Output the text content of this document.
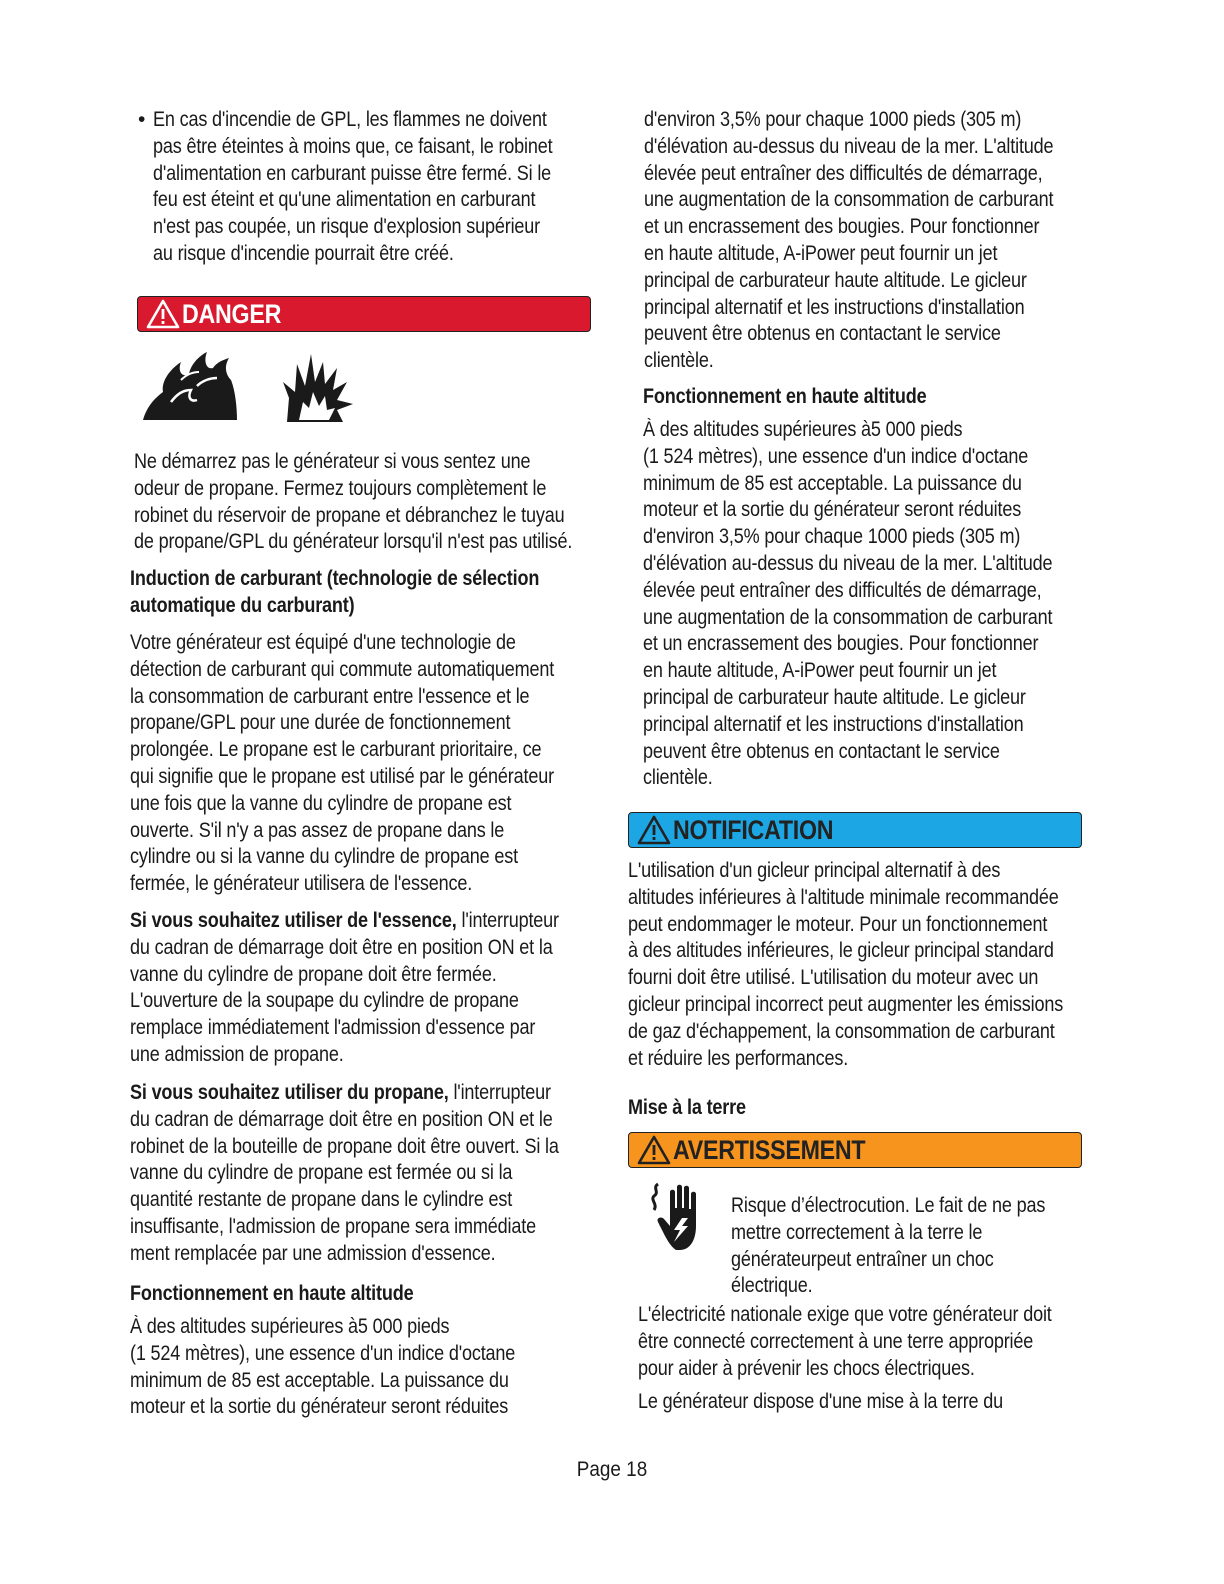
• En cas d'incendie de GPL, les flammes ne doivent
pas être éteintes à moins que, ce faisant, le robinet
d'alimentation en carburant puisse être fermé. Si le
feu est éteint et qu'une alimentation en carburant
n'est pas coupée, un risque d'explosion supérieur
au risque d'incendie pourrait être créé.
DANGER
Ne démarrez pas le générateur si vous sentez une
odeur de propane. Fermez toujours complètement le
robinet du réservoir de propane et débranchez le tuyau
de propane/GPL du générateur lorsqu'il n'est pas utilisé.
Induction de carburant (technologie de sélection
automatique du carburant)
Votre générateur est équipé d'une technologie de
détection de carburant qui commute automatiquement
la consommation de carburant entre l'essence et le
propane/GPL pour une durée de fonctionnement
prolongée. Le propane est le carburant prioritaire, ce
qui signifie que le propane est utilisé par le générateur
une fois que la vanne du cylindre de propane est
ouverte. S'il n'y a pas assez de propane dans le
cylindre ou si la vanne du cylindre de propane est
fermée, le générateur utilisera de l'essence.
Si vous souhaitez utiliser de l'essence, l'interrupteur
du cadran de démarrage doit être en position ON et la
vanne du cylindre de propane doit être fermée.
L'ouverture de la soupape du cylindre de propane
remplace immédiatement l'admission d'essence par
une admission de propane.
Si vous souhaitez utiliser du propane, l'interrupteur
du cadran de démarrage doit être en position ON et le
robinet de la bouteille de propane doit être ouvert. Si la
vanne du cylindre de propane est fermée ou si la
quantité restante de propane dans le cylindre est
insuffisante, l'admission de propane sera immédiate
ment remplacée par une admission d'essence.
Fonctionnement en haute altitude
À des altitudes supérieures à5 000 pieds
(1 524 mètres), une essence d'un indice d'octane
minimum de 85 est acceptable. La puissance du
moteur et la sortie du générateur seront réduites
d'environ 3,5% pour chaque 1000 pieds (305 m)
d'élévation au-dessus du niveau de la mer. L'altitude
élevée peut entraîner des difficultés de démarrage,
une augmentation de la consommation de carburant
et un encrassement des bougies. Pour fonctionner
en haute altitude, A-iPower peut fournir un jet
principal de carburateur haute altitude. Le gicleur
principal alternatif et les instructions d'installation
peuvent être obtenus en contactant le service
clientèle.
Fonctionnement en haute altitude
À des altitudes supérieures à5 000 pieds
(1 524 mètres), une essence d'un indice d'octane
minimum de 85 est acceptable. La puissance du
moteur et la sortie du générateur seront réduites
d'environ 3,5% pour chaque 1000 pieds (305 m)
d'élévation au-dessus du niveau de la mer. L'altitude
élevée peut entraîner des difficultés de démarrage,
une augmentation de la consommation de carburant
et un encrassement des bougies. Pour fonctionner
en haute altitude, A-iPower peut fournir un jet
principal de carburateur haute altitude. Le gicleur
principal alternatif et les instructions d'installation
peuvent être obtenus en contactant le service
clientèle.
NOTIFICATION
L'utilisation d'un gicleur principal alternatif à des
altitudes inférieures à l'altitude minimale recommandée
peut endommager le moteur. Pour un fonctionnement
à des altitudes inférieures, le gicleur principal standard
fourni doit être utilisé. L'utilisation du moteur avec un
gicleur principal incorrect peut augmenter les émissions
de gaz d'échappement, la consommation de carburant
et réduire les performances.
Mise à la terre
AVERTISSEMENT
Risque d’électrocution. Le fait de ne pas
mettre correctement à la terre le
générateurpeut entraîner un choc
électrique.
L'électricité nationale exige que votre générateur doit
être connecté correctement à une terre appropriée
pour aider à prévenir les chocs électriques.
Le générateur dispose d'une mise à la terre du
Page 18
